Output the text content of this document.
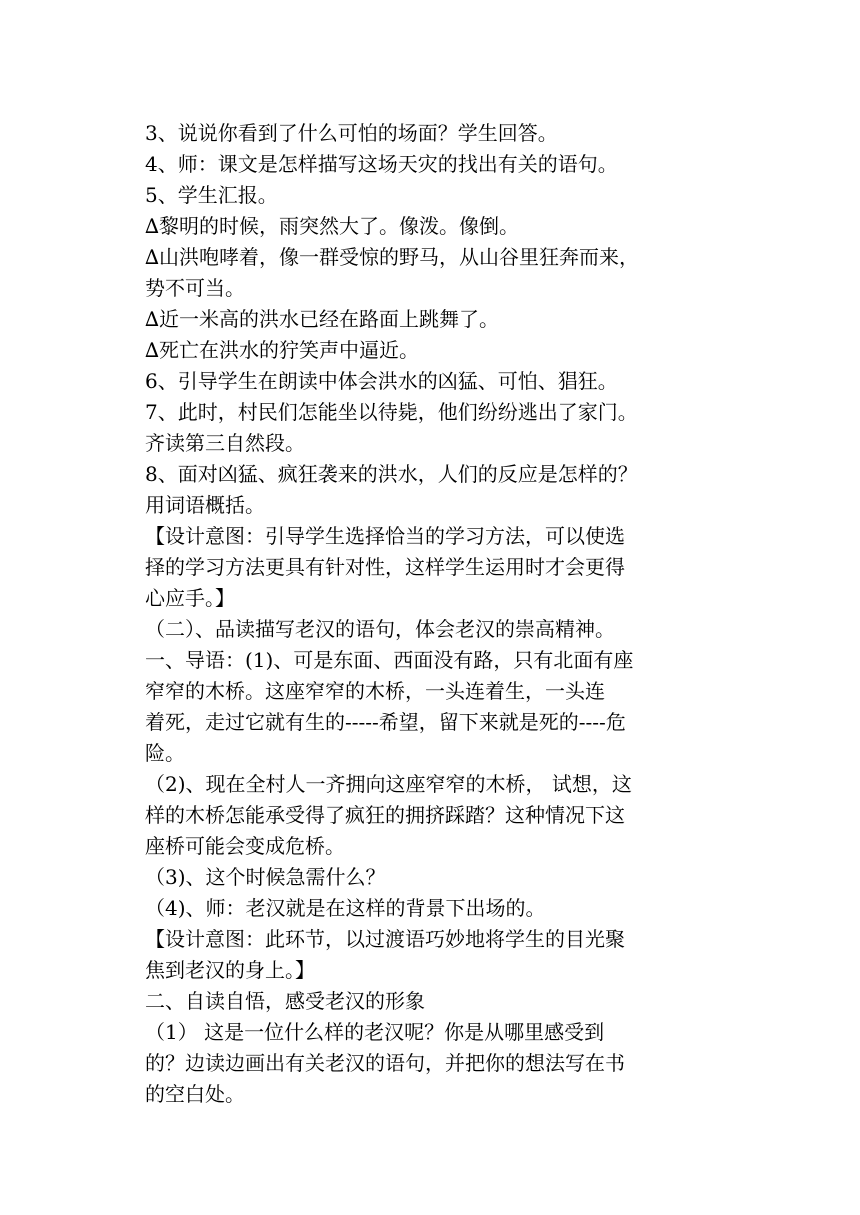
3、说说你看到了什么可怕的场面？学生回答。
4、师：课文是怎样描写这场天灾的找出有关的语句。
5、学生汇报。
∆黎明的时候，雨突然大了。像泼。像倒。
∆山洪咆哮着，像一群受惊的野马，从山谷里狂奔而来，
势不可当。
∆近一米高的洪水已经在路面上跳舞了。
∆死亡在洪水的狞笑声中逼近。
6、引导学生在朗读中体会洪水的凶猛、可怕、猖狂。
7、此时，村民们怎能坐以待毙，他们纷纷逃出了家门。
齐读第三自然段。
8、面对凶猛、疯狂袭来的洪水，人们的反应是怎样的？
用词语概括。
【设计意图：引导学生选择恰当的学习方法，可以使选
择的学习方法更具有针对性，这样学生运用时才会更得
心应手。】
（二）、品读描写老汉的语句，体会老汉的崇高精神。
一、导语：(1)、可是东面、西面没有路，只有北面有座
窄窄的木桥。这座窄窄的木桥，一头连着生，一头连
着死，走过它就有生的-----希望，留下来就是死的----危
险。
（2)、现在全村人一齐拥向这座窄窄的木桥， 试想，这
样的木桥怎能承受得了疯狂的拥挤踩踏？这种情况下这
座桥可能会变成危桥。
（3)、这个时候急需什么？
（4)、师：老汉就是在这样的背景下出场的。
【设计意图：此环节，以过渡语巧妙地将学生的目光聚
焦到老汉的身上。】
二、自读自悟，感受老汉的形象
（1） 这是一位什么样的老汉呢？你是从哪里感受到
的？边读边画出有关老汉的语句，并把你的想法写在书
的空白处。
